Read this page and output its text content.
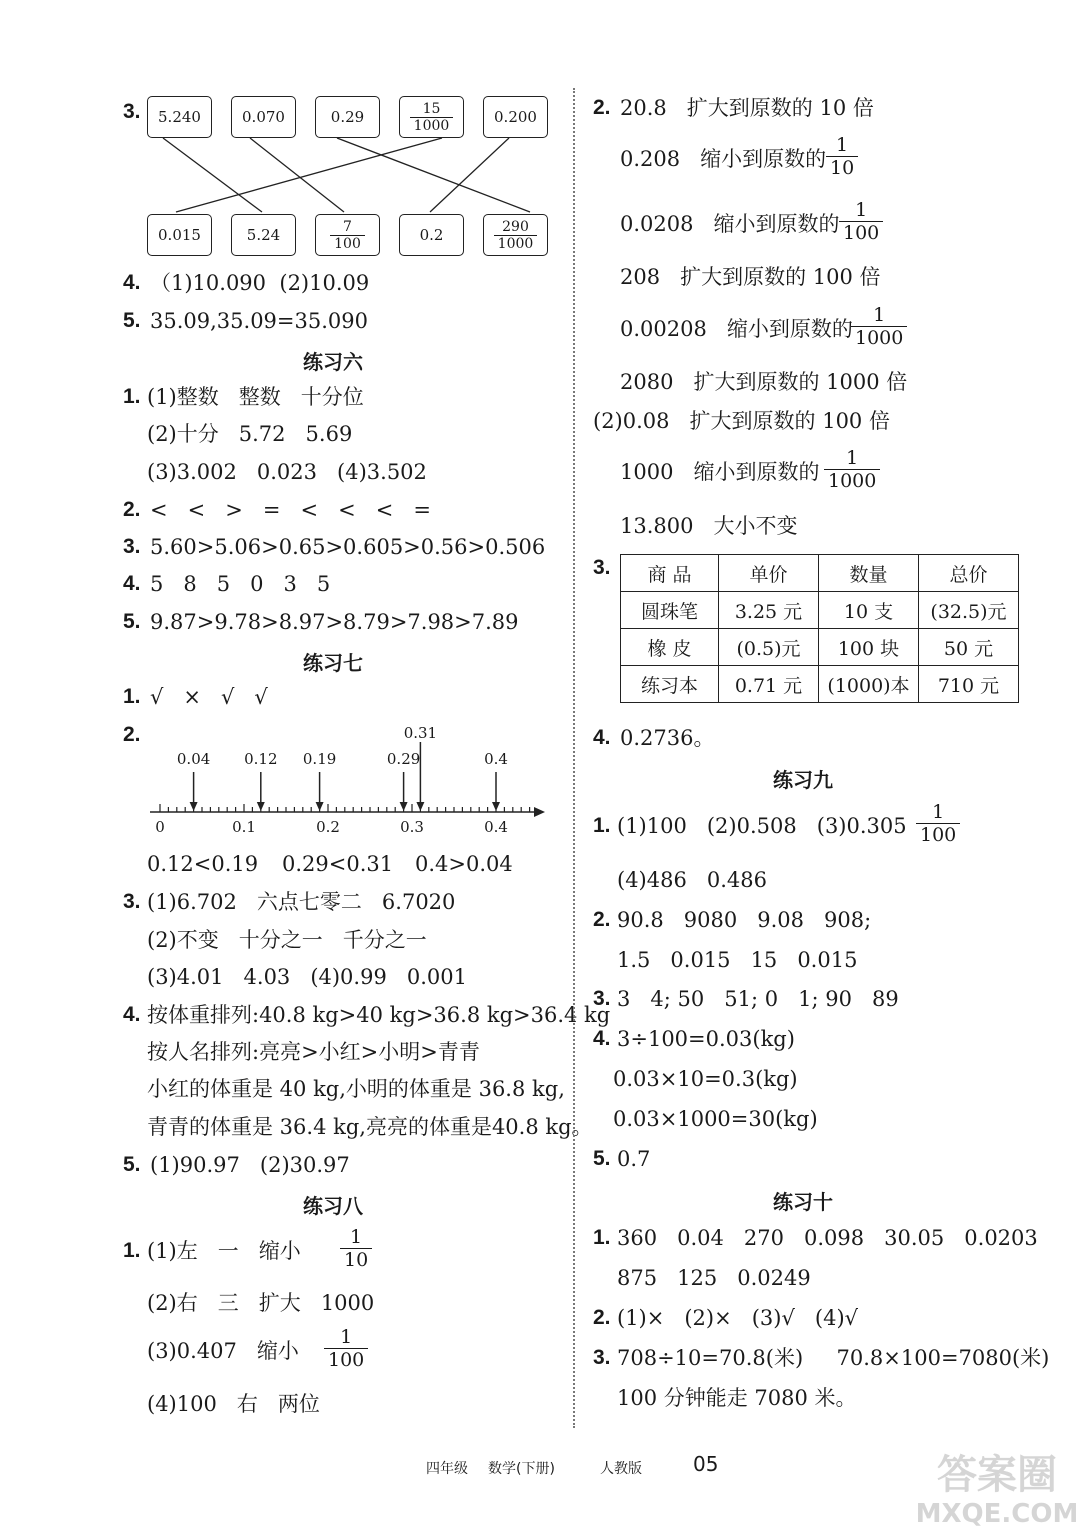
3.	5.240	0.070	0.29	$\frac{15}{1000}$	0.200
0.015	5.24	$\frac{7}{100}$	0.2	$\frac{290}{1000}$
4. （1)10.090  (2)10.09
5. 35.09,35.09=35.090
练习六
1. (1)整数   整数   十分位
(2)十分   5.72   5.69
(3)3.002   0.023   (4)3.502
2. <   <   >   =   <   <   <   =
3. 5.60>5.06>0.65>0.605>0.56>0.506
4. 5   8   5   0   3   5
5. 9.87>9.78>8.97>8.79>7.98>7.89
练习七
1. √   ×   √   √
2.
0	0.1	0.2	0.3	0.4
0.04 0.12 0.19	0.29
0.31
0.4
0.12<0.19 0.29<0.31 0.4>0.04
3. (1)6.702   六点七零二   6.7020
(2)不变   十分之一   千分之一
(3)4.01   4.03   (4)0.99   0.001
4. 按体重排列:40.8 kg>40 kg>36.8 kg>36.4 kg
按人名排列:亮亮>小红>小明>青青
小红的体重是 40 kg,小明的体重是 36.8 kg,
青青的体重是 36.4 kg,亮亮的体重是40.8 kg。
5. (1)90.97   (2)30.97
练习八
1. (1)左   一   缩小 $\frac{1}{10}$
(2)右   三   扩大   1000
(3)0.407   缩小 $\frac{1}{100}$
(4)100   右   两位
2. 20.8   扩大到原数的 10 倍
0.208   缩小到原数的 $\frac{1}{10}$
0.0208   缩小到原数的 $\frac{1}{100}$
208   扩大到原数的 100 倍
0.00208   缩小到原数的
$\frac{1}{1000}$
2080   扩大到原数的 1000 倍
(2)0.08   扩大到原数的 100 倍
1000   缩小到原数的 $\frac{1}{1000}$
13.800   大小不变
3. 商 品	单价	数量	总价
圆珠笔	3.25 元	10 支	(32.5)元
橡 皮	(0.5)元	100 块	50 元
练习本	0.71 元	(1000)本	710 元
4. 0.2736。
练习九
1. (1)100   (2)0.508   $(3)0.305 \frac{1}{100}$
(4)486   0.486
2. 90.8   9080   9.08   908;
1.5   0.015   15   0.015
3. 3   4; 50   51; 0   1; 90   89
4. 3÷100=0.03(kg)
0.03×10=0.3(kg)
0.03×1000=30(kg)
5. 0.7
练习十
1. 360   0.04   270   0.098   30.05   0.0203
875   125   0.0249
2. (1)×   (2)×   (3)√   (4)√
3. 708÷10=70.8(米)     70.8×100=7080(米)
100 分钟能走 7080 米。
四年级 数学(下册)	人教版	05	答案圈
MXQE.COM
